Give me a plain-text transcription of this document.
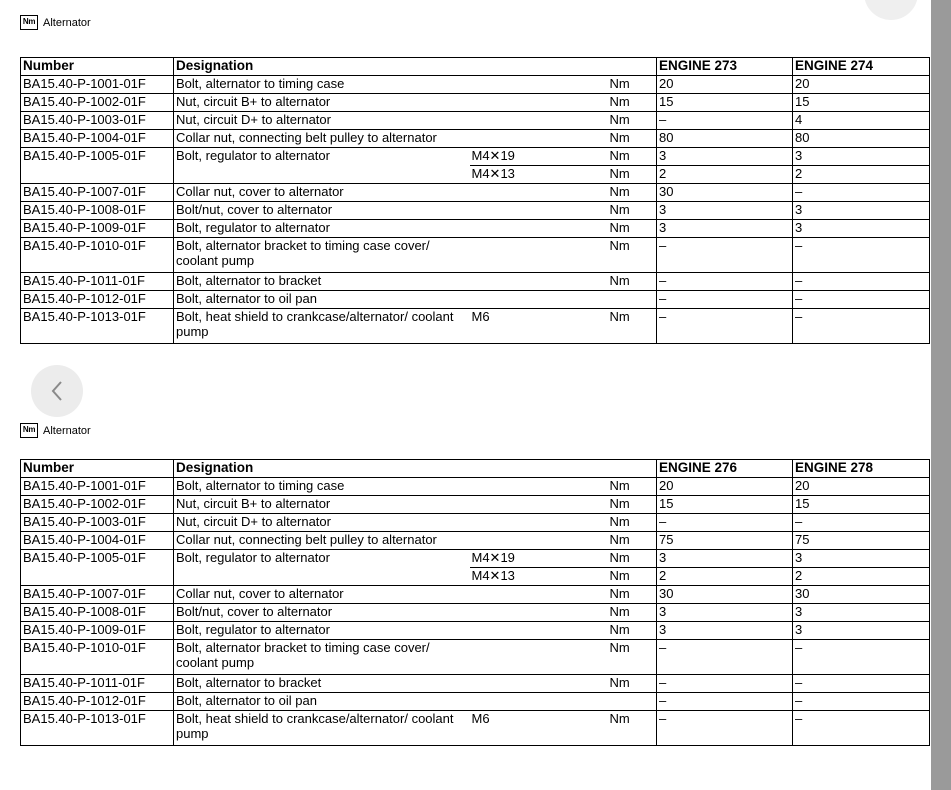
Nm Alternator
Number	Designation			ENGINE 273	ENGINE 274
BA15.40-P-1001-01F	Bolt, alternator to timing case		Nm	20	20
BA15.40-P-1002-01F	Nut, circuit B+ to alternator		Nm	15	15
BA15.40-P-1003-01F	Nut, circuit D+ to alternator		Nm	–	4
BA15.40-P-1004-01F	Collar nut, connecting belt pulley to alternator		Nm	80	80
BA15.40-P-1005-01F	Bolt, regulator to alternator	M4✕19	Nm	3	3
		M4✕13	Nm	2	2
BA15.40-P-1007-01F	Collar nut, cover to alternator		Nm	30	–
BA15.40-P-1008-01F	Bolt/nut, cover to alternator		Nm	3	3
BA15.40-P-1009-01F	Bolt, regulator to alternator		Nm	3	3
BA15.40-P-1010-01F	Bolt, alternator bracket to timing case cover/ coolant pump		Nm	–	–
BA15.40-P-1011-01F	Bolt, alternator to bracket		Nm	–	–
BA15.40-P-1012-01F	Bolt, alternator to oil pan			–	–
BA15.40-P-1013-01F	Bolt, heat shield to crankcase/alternator/ coolant pump	M6	Nm	–	–
Nm Alternator
Number	Designation			ENGINE 276	ENGINE 278
BA15.40-P-1001-01F	Bolt, alternator to timing case		Nm	20	20
BA15.40-P-1002-01F	Nut, circuit B+ to alternator		Nm	15	15
BA15.40-P-1003-01F	Nut, circuit D+ to alternator		Nm	–	–
BA15.40-P-1004-01F	Collar nut, connecting belt pulley to alternator		Nm	75	75
BA15.40-P-1005-01F	Bolt, regulator to alternator	M4✕19	Nm	3	3
		M4✕13	Nm	2	2
BA15.40-P-1007-01F	Collar nut, cover to alternator		Nm	30	30
BA15.40-P-1008-01F	Bolt/nut, cover to alternator		Nm	3	3
BA15.40-P-1009-01F	Bolt, regulator to alternator		Nm	3	3
BA15.40-P-1010-01F	Bolt, alternator bracket to timing case cover/ coolant pump		Nm	–	–
BA15.40-P-1011-01F	Bolt, alternator to bracket		Nm	–	–
BA15.40-P-1012-01F	Bolt, alternator to oil pan			–	–
BA15.40-P-1013-01F	Bolt, heat shield to crankcase/alternator/ coolant pump	M6	Nm	–	–
